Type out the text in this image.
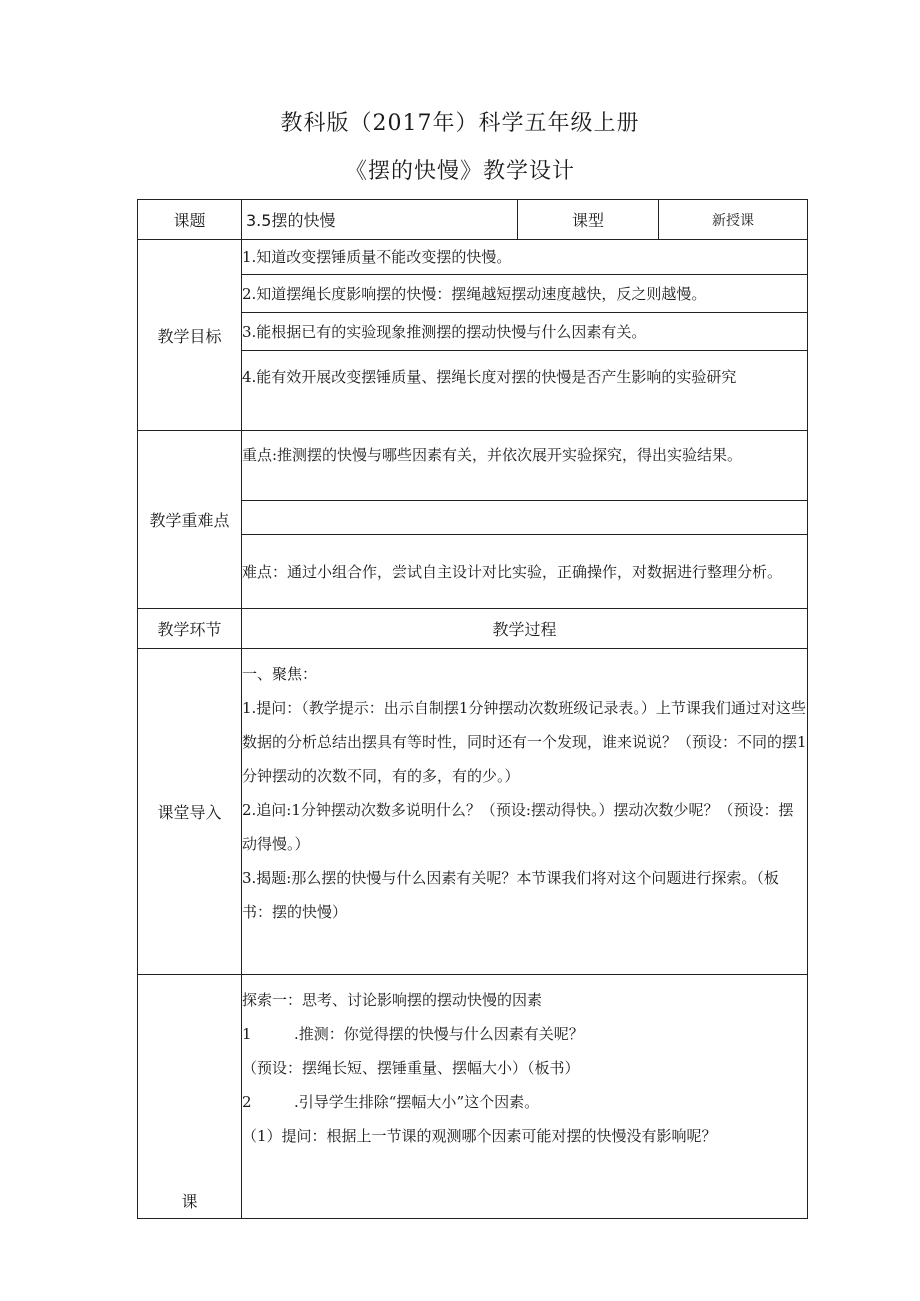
教科版（2017年）科学五年级上册
《摆的快慢》教学设计
课题	3.5摆的快慢	课型	新授课
教学目标	1.知道改变摆锤质量不能改变摆的快慢。		
	2.知道摆绳长度影响摆的快慢：摆绳越短摆动速度越快，反之则越慢。		
	3.能根据已有的实验现象推测摆的摆动快慢与什么因素有关。		
	4.能有效开展改变摆锤质量、摆绳长度对摆的快慢是否产生影响的实验研究		
教学重难点	重点:推测摆的快慢与哪些因素有关，并依次展开实验探究，得出实验结果。		

	难点：通过小组合作，尝试自主设计对比实验，正确操作，对数据进行整理分析。		
教学环节	教学过程		
课堂导入	一、聚焦：
1.提问：（教学提示：出示自制摆1分钟摆动次数班级记录表。）上节课我们通过对这些数据的分析总结出摆具有等时性，同时还有一个发现，谁来说说？（预设：不同的摆1分钟摆动的次数不同，有的多，有的少。）
2.追问:1分钟摆动次数多说明什么？（预设:摆动得快。）摆动次数少呢？（预设：摆动得慢。）
3.揭题:那么摆的快慢与什么因素有关呢？本节课我们将对这个问题进行探索。（板书：摆的快慢）		

课	探索一：思考、讨论影响摆的摆动快慢的因素
1 .推测：你觉得摆的快慢与什么因素有关呢？
（预设：摆绳长短、摆锤重量、摆幅大小）（板书）
2 .引导学生排除“摆幅大小”这个因素。
（1）提问：根据上一节课的观测哪个因素可能对摆的快慢没有影响呢？		
